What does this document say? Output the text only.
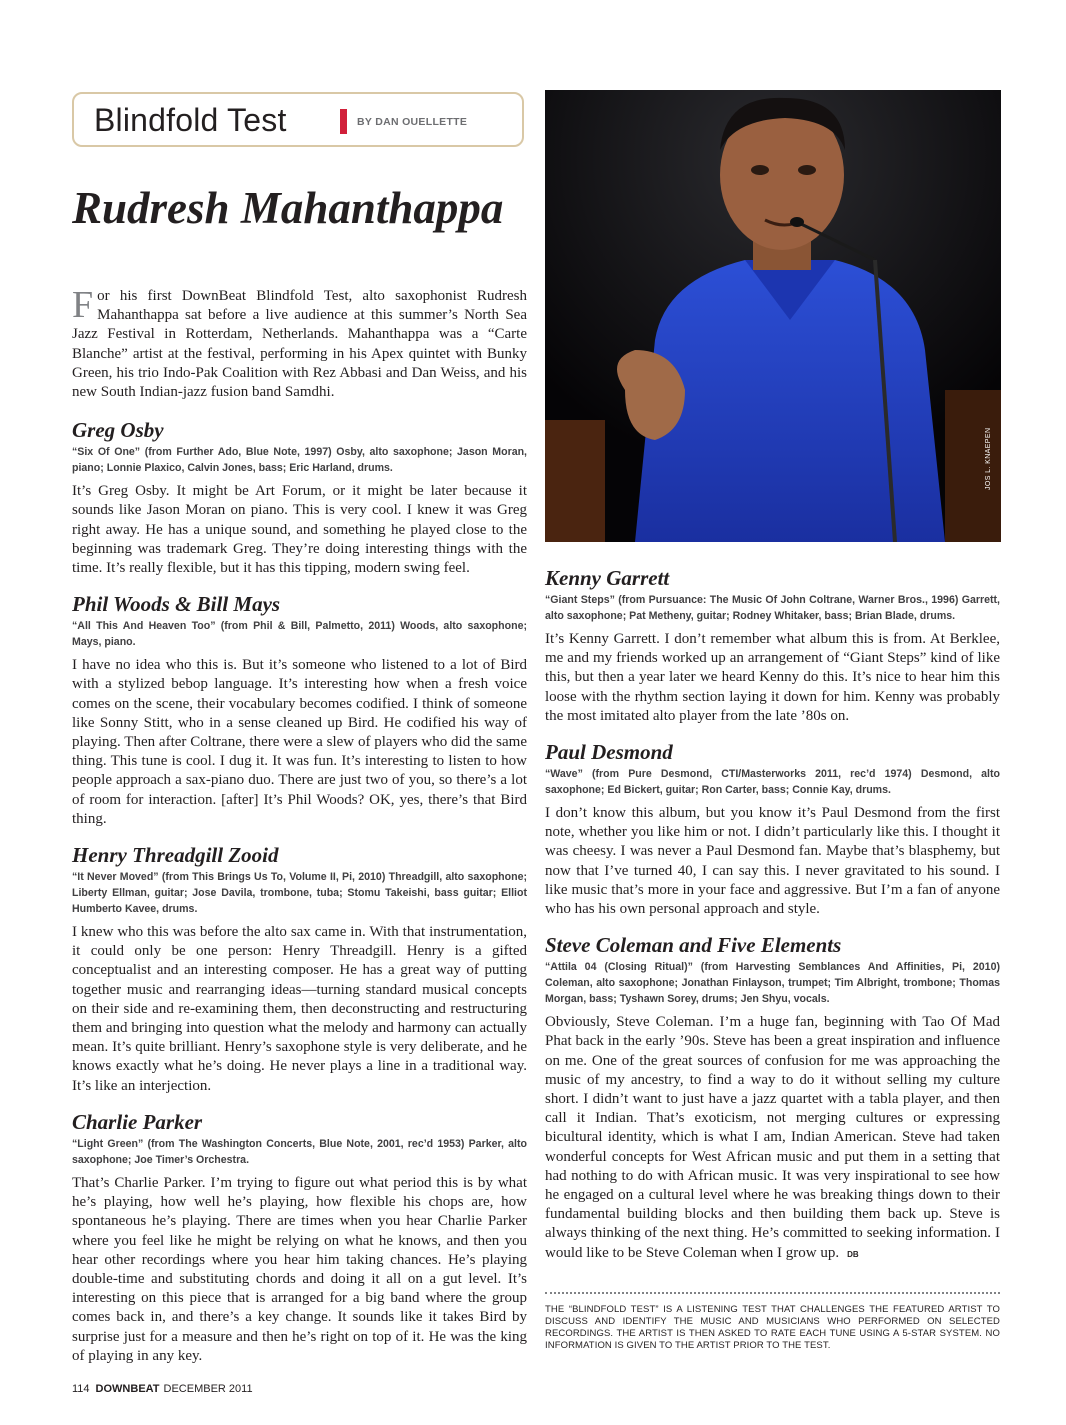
Blindfold Test	BY DAN OUELLETTE
Rudresh Mahanthappa

For his first DownBeat Blindfold Test, alto saxophonist Rudresh Mahanthappa sat before a live audience at this summer’s North Sea Jazz Festival in Rotterdam, Netherlands. Mahanthappa was a “Carte Blanche” artist at the festival, performing in his Apex quintet with Bunky Green, his trio Indo-Pak Coalition with Rez Abbasi and Dan Weiss, and his new South Indian-jazz fusion band Samdhi.

Greg Osby

“Six Of One” (from Further Ado, Blue Note, 1997) Osby, alto saxophone; Jason Moran, piano; Lonnie Plaxico, Calvin Jones, bass; Eric Harland, drums.

It’s Greg Osby. It might be Art Forum, or it might be later because it sounds like Jason Moran on piano. This is very cool. I knew it was Greg right away. He has a unique sound, and something he played close to the beginning was trademark Greg. They’re doing interesting things with the time. It’s really flexible, but it has this tipping, modern swing feel.

Phil Woods & Bill Mays

“All This And Heaven Too” (from Phil & Bill, Palmetto, 2011) Woods, alto saxophone; Mays, piano.

I have no idea who this is. But it’s someone who listened to a lot of Bird with a stylized bebop language. It’s interesting how when a fresh voice comes on the scene, their vocabulary becomes codified. I think of someone like Sonny Stitt, who in a sense cleaned up Bird. He codified his way of playing. Then after Coltrane, there were a slew of players who did the same thing. This tune is cool. I dug it. It was fun. It’s interesting to listen to how people approach a sax-piano duo. There are just two of you, so there’s a lot of room for interaction. [after] It’s Phil Woods? OK, yes, there’s that Bird thing.

Henry Threadgill Zooid

“It Never Moved” (from This Brings Us To, Volume II, Pi, 2010) Threadgill, alto saxophone; Liberty Ellman, guitar; Jose Davila, trombone, tuba; Stomu Takeishi, bass guitar; Elliot Humberto Kavee, drums.

I knew who this was before the alto sax came in. With that instrumentation, it could only be one person: Henry Threadgill. Henry is a gifted conceptualist and an interesting composer. He has a great way of putting together music and rearranging ideas—turning standard musical concepts on their side and re-examining them, then deconstructing and restructuring them and bringing into question what the melody and harmony can actually mean. It’s quite brilliant. Henry’s saxophone style is very deliberate, and he knows exactly what he’s doing. He never plays a line in a traditional way. It’s like an interjection.

Charlie Parker

“Light Green” (from The Washington Concerts, Blue Note, 2001, rec’d 1953) Parker, alto saxophone; Joe Timer’s Orchestra.

That’s Charlie Parker. I’m trying to figure out what period this is by what he’s playing, how well he’s playing, how flexible his chops are, how spontaneous he’s playing. There are times when you hear Charlie Parker where you feel like he might be relying on what he knows, and then you hear other recordings where you hear him taking chances. He’s playing double-time and substituting chords and doing it all on a gut level. It’s interesting on this piece that is arranged for a big band where the group comes back in, and there’s a key change. It sounds like it takes Bird by surprise just for a measure and then he’s right on top of it. He was the king of playing in any key.

JOS L. KNAEPEN
Kenny Garrett

“Giant Steps” (from Pursuance: The Music Of John Coltrane, Warner Bros., 1996) Garrett, alto saxophone; Pat Metheny, guitar; Rodney Whitaker, bass; Brian Blade, drums.

It’s Kenny Garrett. I don’t remember what album this is from. At Berklee, me and my friends worked up an arrangement of “Giant Steps” kind of like this, but then a year later we heard Kenny do this. It’s nice to hear him this loose with the rhythm section laying it down for him. Kenny was probably the most imitated alto player from the late ’80s on.

Paul Desmond

“Wave” (from Pure Desmond, CTI/Masterworks 2011, rec’d 1974) Desmond, alto saxophone; Ed Bickert, guitar; Ron Carter, bass; Connie Kay, drums.

I don’t know this album, but you know it’s Paul Desmond from the first note, whether you like him or not. I didn’t particularly like this. I thought it was cheesy. I was never a Paul Desmond fan. Maybe that’s blasphemy, but now that I’ve turned 40, I can say this. I never gravitated to his sound. I like music that’s more in your face and aggressive. But I’m a fan of anyone who has his own personal approach and style.

Steve Coleman and Five Elements

“Attila 04 (Closing Ritual)” (from Harvesting Semblances And Affinities, Pi, 2010) Coleman, alto saxophone; Jonathan Finlayson, trumpet; Tim Albright, trombone; Thomas Morgan, bass; Tyshawn Sorey, drums; Jen Shyu, vocals.

Obviously, Steve Coleman. I’m a huge fan, beginning with Tao Of Mad Phat back in the early ’90s. Steve has been a great inspiration and influence on me. One of the great sources of confusion for me was approaching the music of my ancestry, to find a way to do it without selling my culture short. I didn’t want to just have a jazz quartet with a tabla player, and then call it Indian. That’s exoticism, not merging cultures or expressing bicultural identity, which is what I am, Indian American. Steve had taken wonderful concepts for West African music and put them in a setting that had nothing to do with African music. It was very inspirational to see how he engaged on a cultural level where he was breaking things down to their fundamental building blocks and then building them back up. Steve is always thinking of the next thing. He’s committed to seeking information. I would like to be Steve Coleman when I grow up. DB

THE “BLINDFOLD TEST” IS A LISTENING TEST THAT CHALLENGES THE FEATURED ARTIST TO DISCUSS AND IDENTIFY THE MUSIC AND MUSICIANS WHO PERFORMED ON SELECTED RECORDINGS. THE ARTIST IS THEN ASKED TO RATE EACH TUNE USING A 5-STAR SYSTEM. NO INFORMATION IS GIVEN TO THE ARTIST PRIOR TO THE TEST.

114 DOWNBEAT DECEMBER 2011
